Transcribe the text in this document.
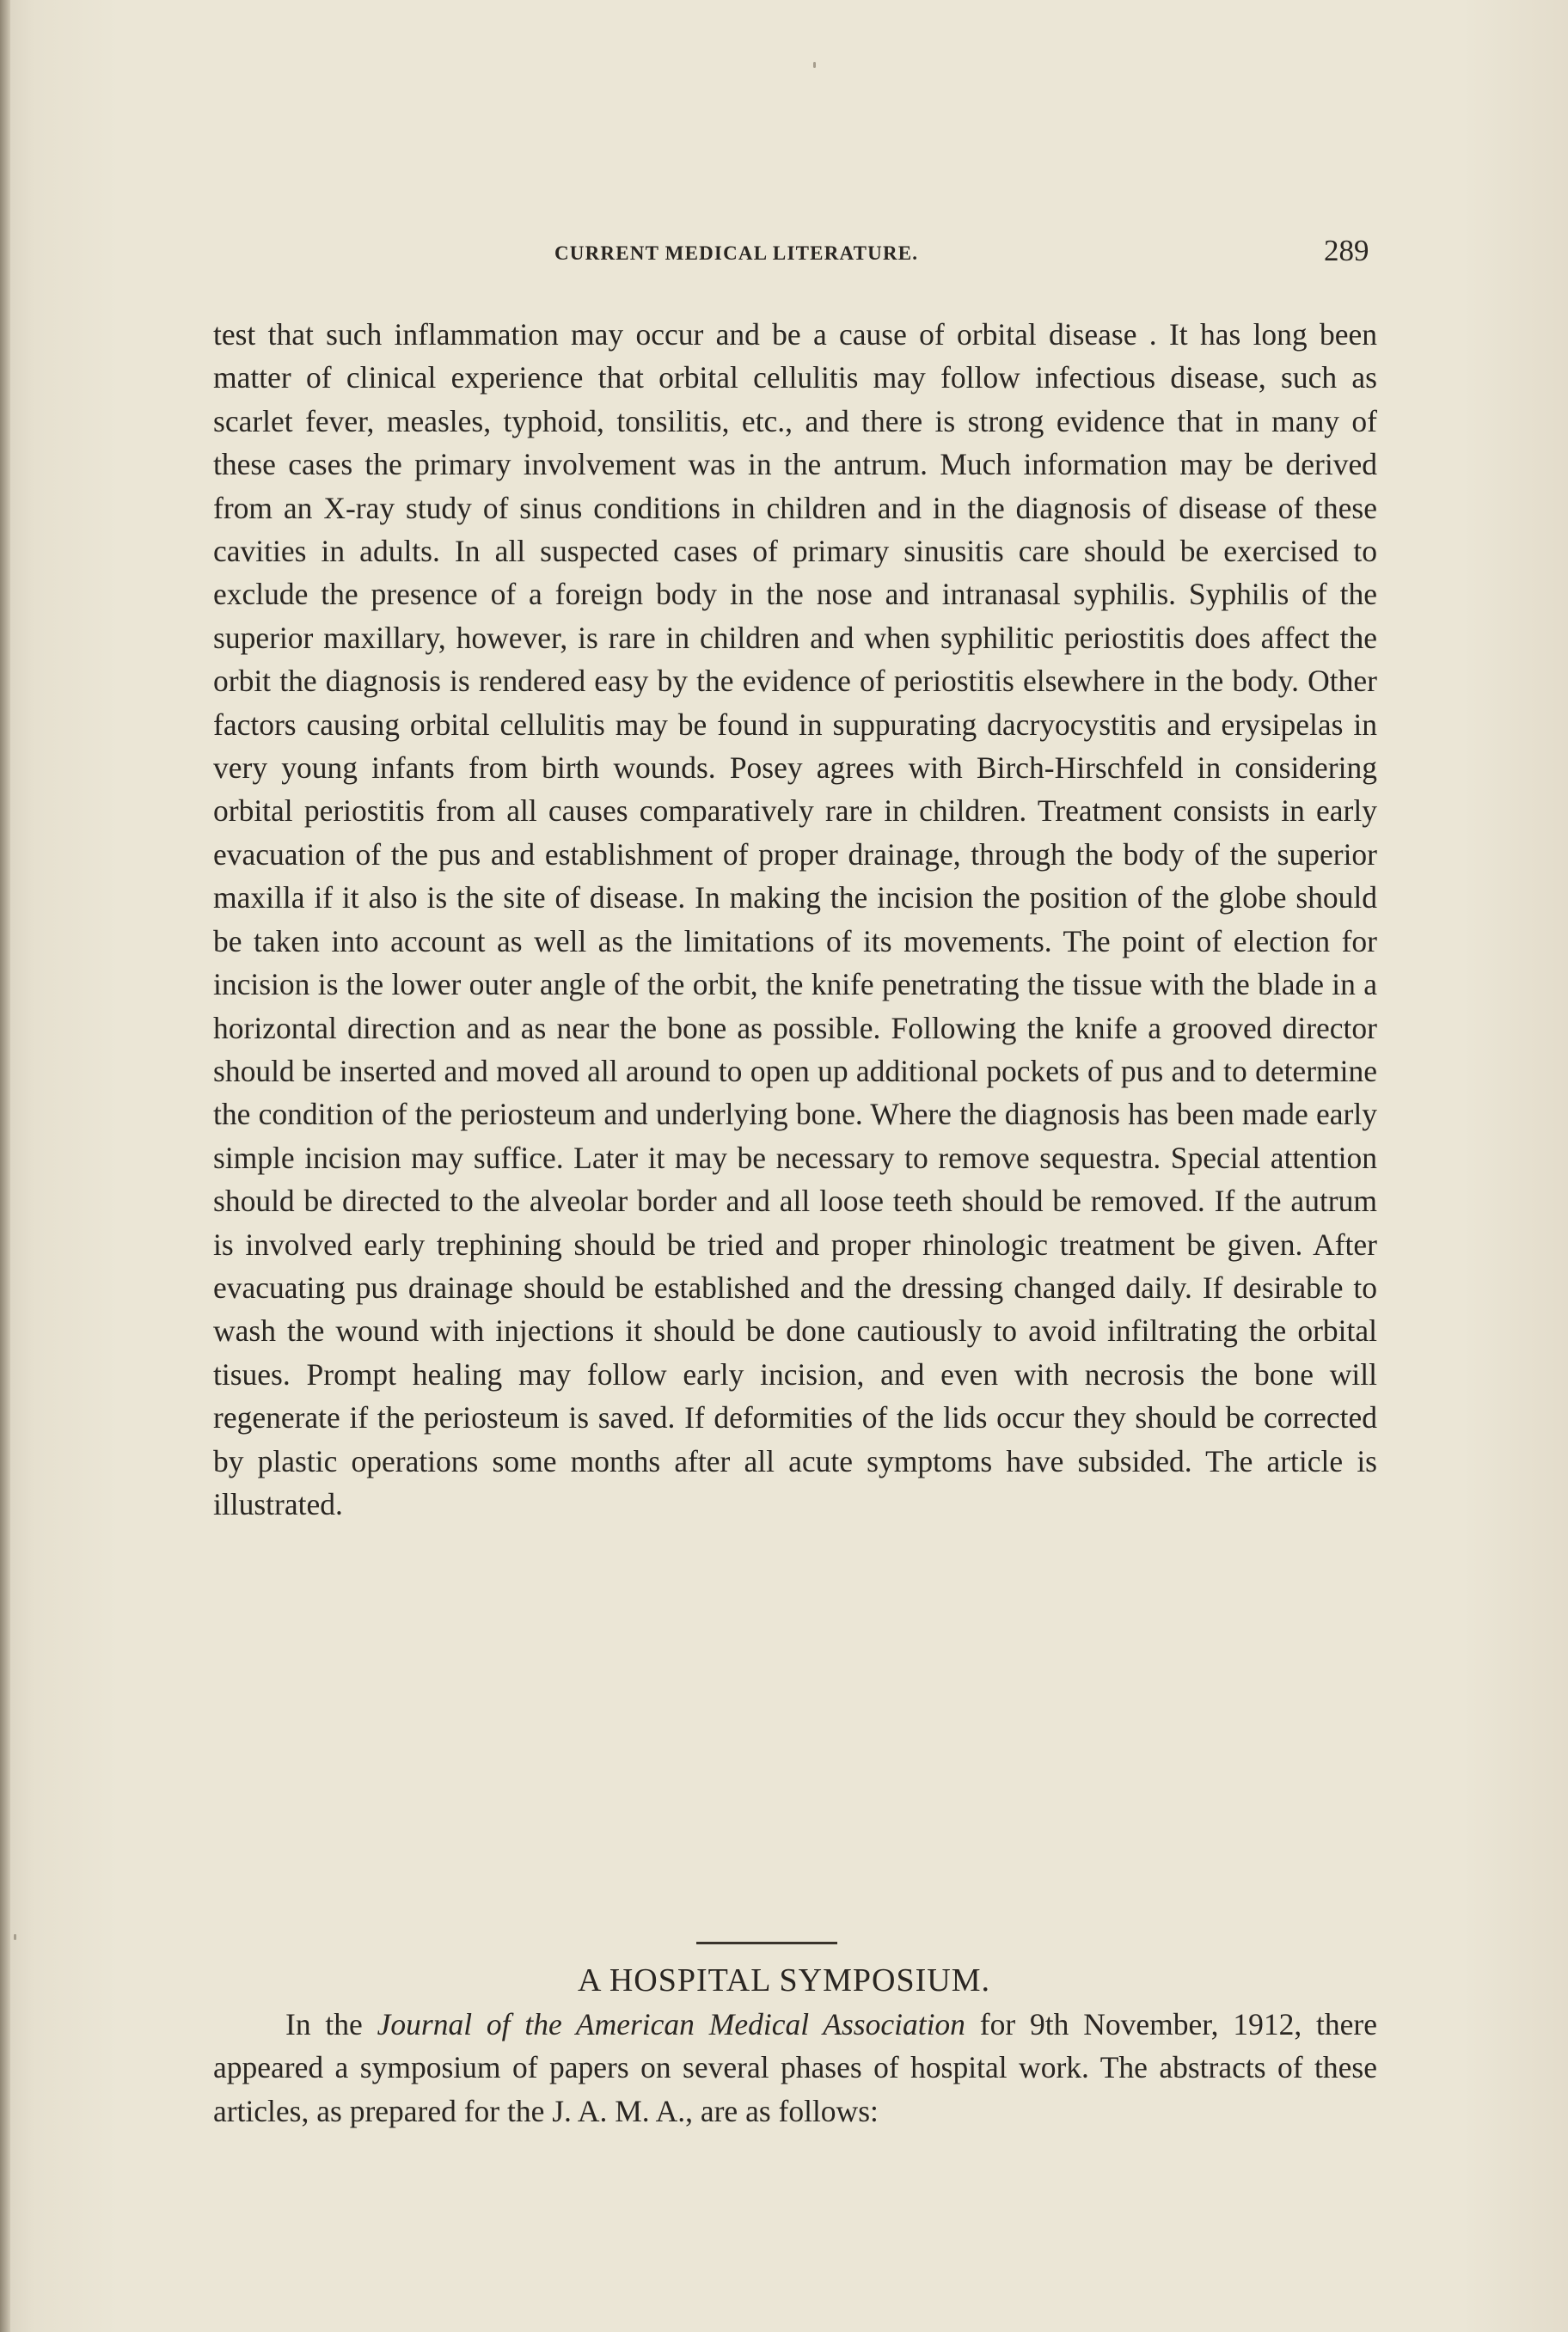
CURRENT MEDICAL LITERATURE.	289

test that such inflammation may occur and be a cause of orbital disease . It has long been matter of clinical experience that orbital cellulitis may follow infectious disease, such as scarlet fever, measles, typhoid, tonsilitis, etc., and there is strong evidence that in many of these cases the primary involvement was in the antrum. Much information may be derived from an X-ray study of sinus conditions in children and in the diagnosis of disease of these cavities in adults. In all suspected cases of primary sinusitis care should be exercised to exclude the presence of a foreign body in the nose and intranasal syphilis. Syphilis of the superior maxillary, however, is rare in children and when syphilitic periostitis does affect the orbit the diagnosis is rendered easy by the evidence of periostitis elsewhere in the body. Other factors causing orbital cellulitis may be found in suppurating dacryocystitis and erysipelas in very young infants from birth wounds. Posey agrees with Birch-Hirschfeld in considering orbital periostitis from all causes comparatively rare in children. Treatment consists in early evacuation of the pus and establishment of proper drainage, through the body of the superior maxilla if it also is the site of disease. In making the incision the position of the globe should be taken into account as well as the limitations of its movements. The point of election for incision is the lower outer angle of the orbit, the knife penetrating the tissue with the blade in a horizontal direction and as near the bone as possible. Following the knife a grooved director should be inserted and moved all around to open up additional pockets of pus and to determine the condition of the periosteum and underlying bone. Where the diagnosis has been made early simple incision may suffice. Later it may be necessary to remove sequestra. Special attention should be directed to the alveolar border and all loose teeth should be removed. If the autrum is involved early trephining should be tried and proper rhinologic treatment be given. After evacuating pus drainage should be established and the dressing changed daily. If desirable to wash the wound with injections it should be done cautiously to avoid infiltrating the orbital tisues. Prompt healing may follow early incision, and even with necrosis the bone will regenerate if the periosteum is saved. If deformities of the lids occur they should be corrected by plastic operations some months after all acute symptoms have subsided. The article is illustrated.

A HOSPITAL SYMPOSIUM.

In the Journal of the American Medical Association for 9th November, 1912, there appeared a symposium of papers on several phases of hospital work. The abstracts of these articles, as prepared for the J. A. M. A., are as follows:
